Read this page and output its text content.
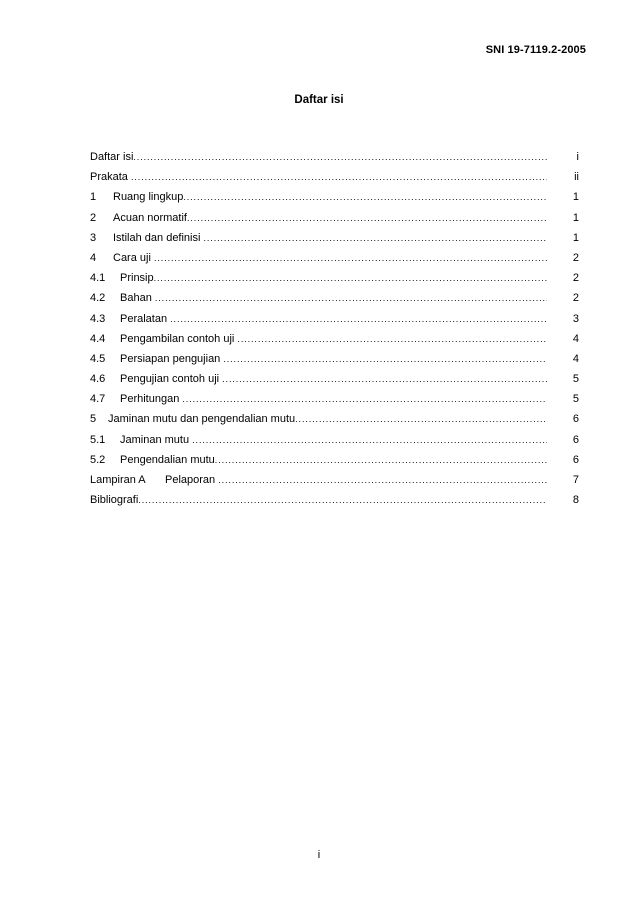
SNI 19-7119.2-2005
Daftar isi
Daftar isi .....	i
Prakata .....	ii
1	Ruang lingkup .....	1
2	Acuan normatif .....	1
3	Istilah dan definisi .....	1
4	Cara uji .....	2
4.1	Prinsip .....	2
4.2	Bahan .....	2
4.3	Peralatan .....	3
4.4	Pengambilan contoh uji .....	4
4.5	Persiapan pengujian .....	4
4.6	Pengujian contoh uji .....	5
4.7	Perhitungan .....	5
5	Jaminan mutu dan pengendalian mutu .....	6
5.1	Jaminan mutu .....	6
5.2	Pengendalian mutu .....	6
Lampiran A	Pelaporan .....	7
Bibliografi .....	8
i
